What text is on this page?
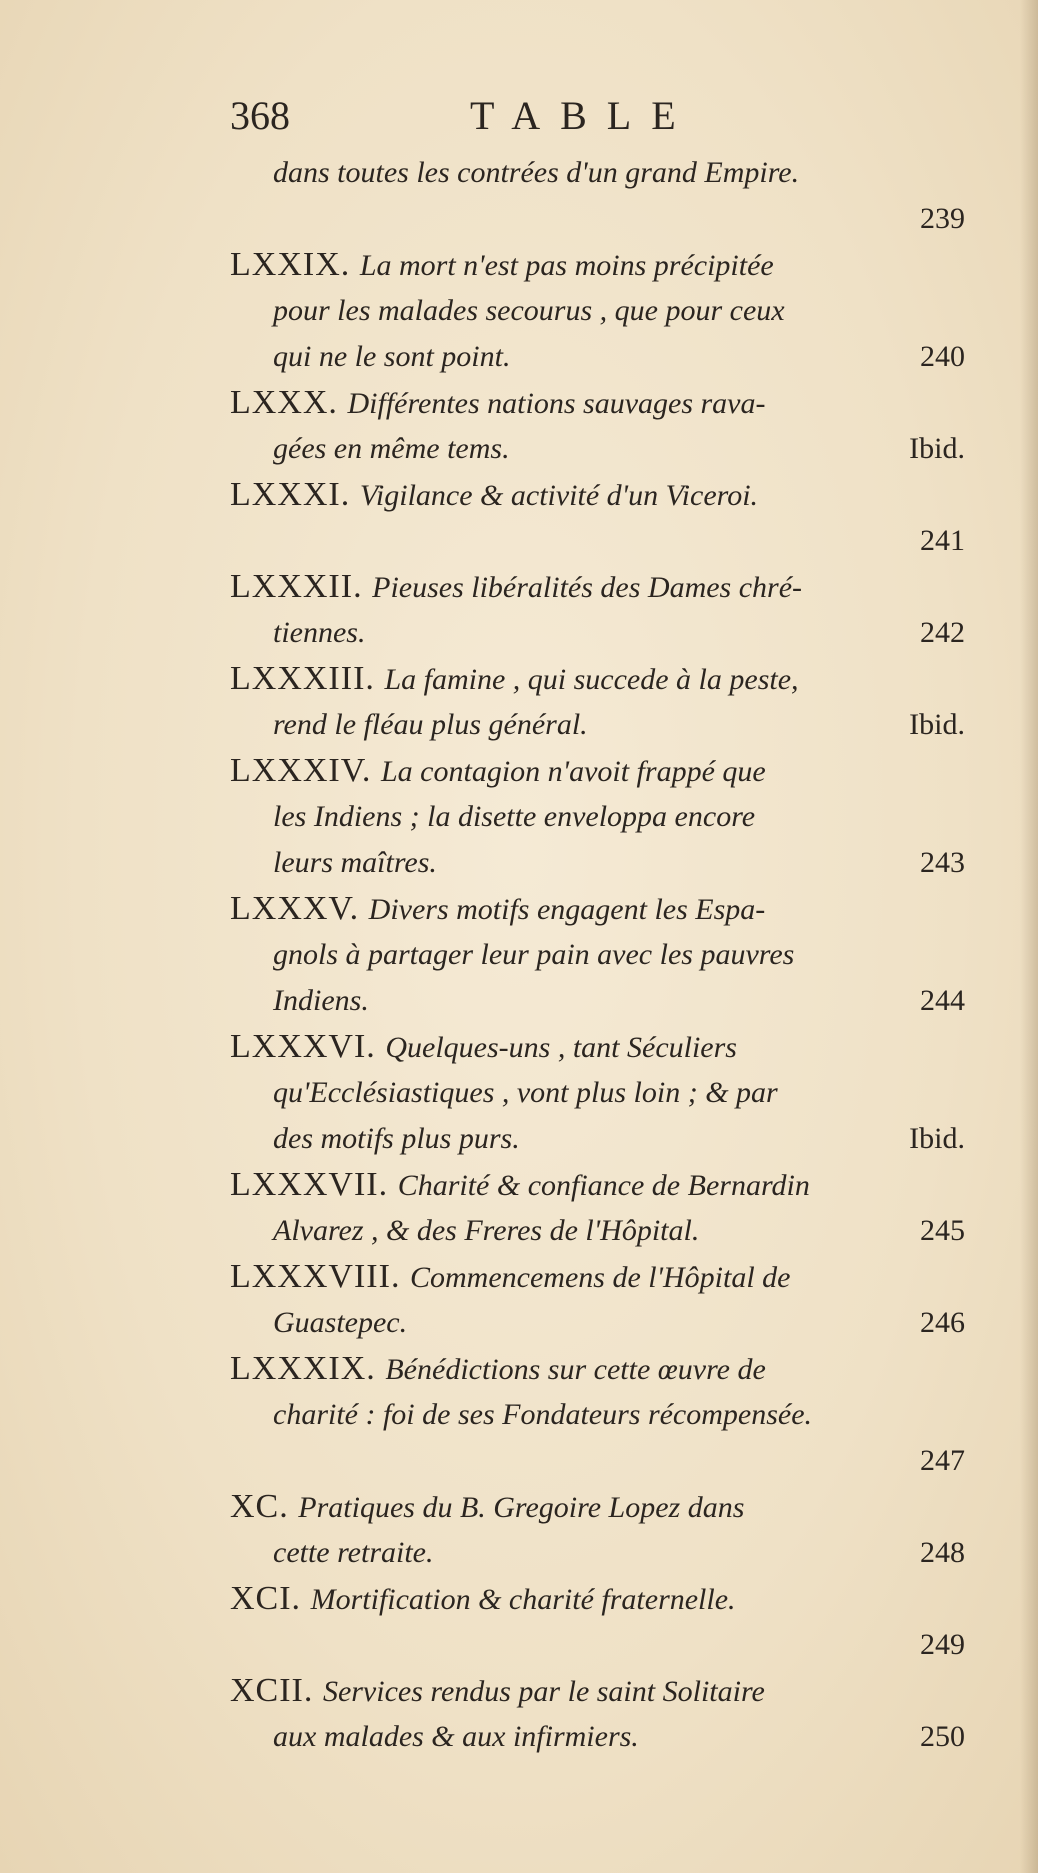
368	TABLE
dans toutes les contrées d'un grand Empire.
239
LXXIX. La mort n'est pas moins précipitée
pour les malades secourus , que pour ceux
qui ne le sont point.	240
LXXX. Différentes nations sauvages rava-
gées en même tems.	Ibid.
LXXXI. Vigilance & activité d'un Viceroi.
241
LXXXII. Pieuses libéralités des Dames chré-
tiennes.	242
LXXXIII. La famine , qui succede à la peste,
rend le fléau plus général.	Ibid.
LXXXIV. La contagion n'avoit frappé que
les Indiens ; la disette enveloppa encore
leurs maîtres.	243
LXXXV. Divers motifs engagent les Espa-
gnols à partager leur pain avec les pauvres
Indiens.	244
LXXXVI. Quelques-uns , tant Séculiers
qu'Ecclésiastiques , vont plus loin ; & par
des motifs plus purs.	Ibid.
LXXXVII. Charité & confiance de Bernardin
Alvarez , & des Freres de l'Hôpital.	245
LXXXVIII. Commencemens de l'Hôpital de
Guastepec.	246
LXXXIX. Bénédictions sur cette œuvre de
charité : foi de ses Fondateurs récompensée.
247
XC. Pratiques du B. Gregoire Lopez dans
cette retraite.	248
XCI. Mortification & charité fraternelle.
249
XCII. Services rendus par le saint Solitaire
aux malades & aux infirmiers.	250
